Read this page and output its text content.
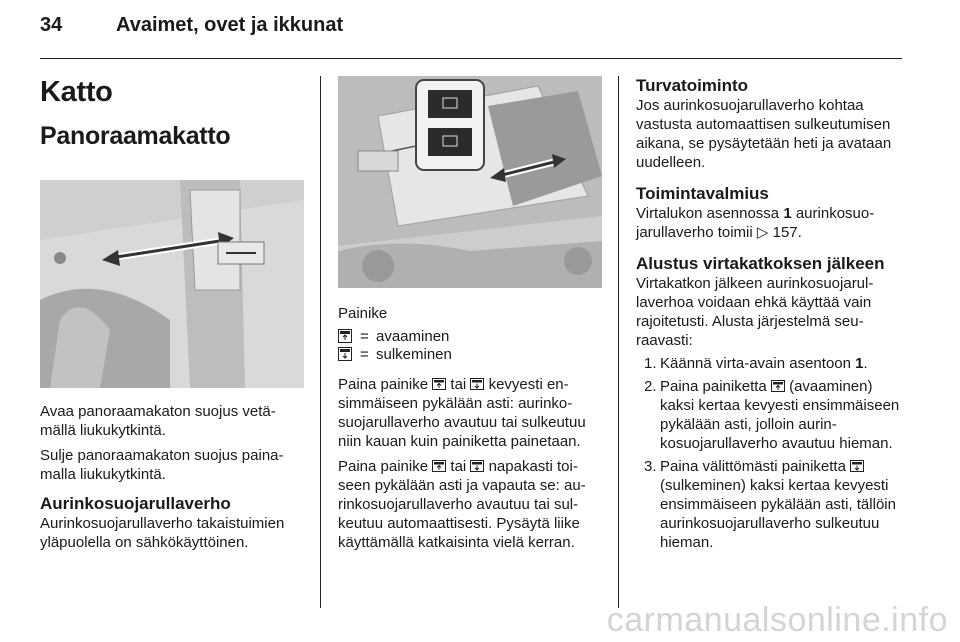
34	Avaimet, ovet ja ikkunat
Katto
Panoraamakatto

Avaa panoraamakaton suojus vetämällä liukukytkintä.

Sulje panoraamakaton suojus painamalla liukukytkintä.

Aurinkosuojarullaverho

Aurinkosuojarullaverho takaistuimien yläpuolella on sähkökäyttöinen.

Painike

= avaaminen
= sulkeminen

Paina painike  tai  kevyesti ensimmäiseen pykälään asti: aurinkosuojarullaverho avautuu tai sulkeutuu niin kauan kuin painiketta painetaan.

Paina painike  tai  napakasti toiseen pykälään asti ja vapauta se: aurinkosuojarullaverho avautuu tai sulkeutuu automaattisesti. Pysäytä liike käyttämällä katkaisinta vielä kerran.

Turvatoiminto

Jos aurinkosuojarullaverho kohtaa vastusta automaattisen sulkeutumisen aikana, se pysäytetään heti ja avataan uudelleen.

Toimintavalmius

Virtalukon asennossa 1 aurinkosuojarullaverho toimii ▷ 157.

Alustus virtakatkoksen jälkeen

Virtakatkon jälkeen aurinkosuojarullaverhoa voidaan ehkä käyttää vain rajoitetusti. Alusta järjestelmä seuraavasti:

1. Käännä virta-avain asentoon 1.
2. Paina painiketta  (avaaminen) kaksi kertaa kevyesti ensimmäiseen pykälään asti, jolloin aurinkosuojarullaverho avautuu hieman.
3. Paina välittömästi painiketta  (sulkeminen) kaksi kertaa kevyesti ensimmäiseen pykälään asti, tällöin aurinkosuojarullaverho sulkeutuu hieman.
carmanualsonline.info
